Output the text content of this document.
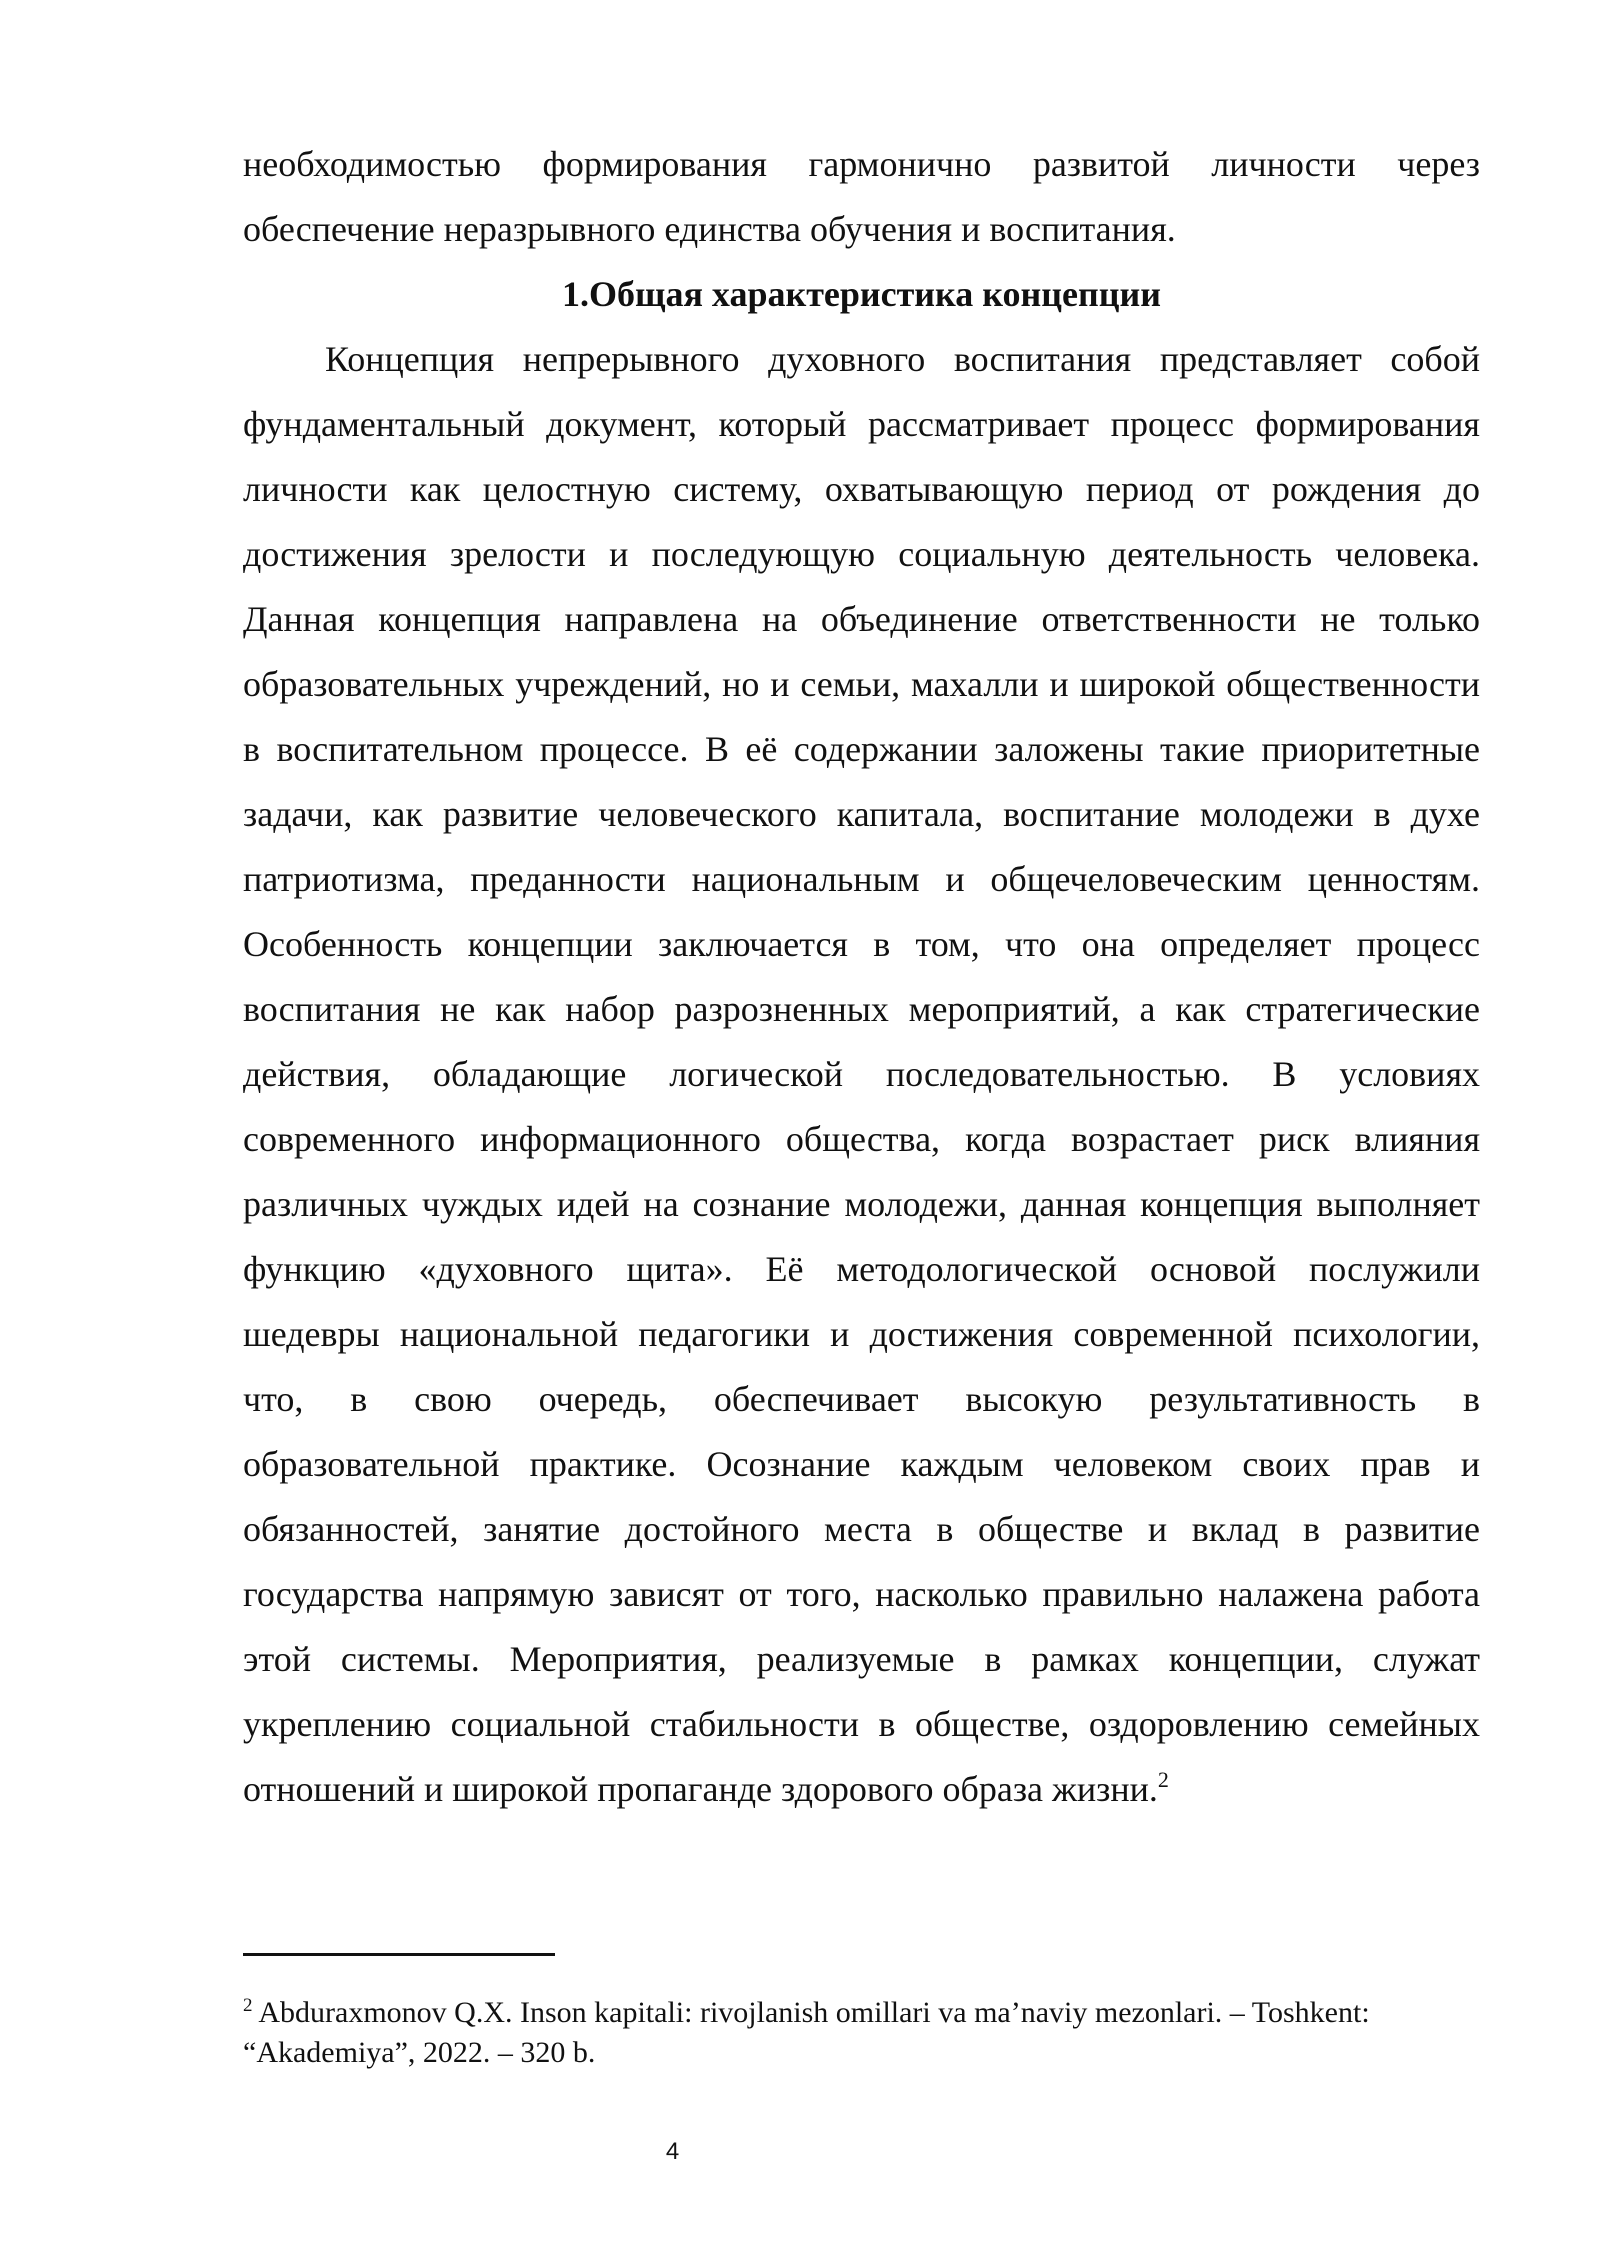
необходимостью формирования гармонично развитой личности через обеспечение неразрывного единства обучения и воспитания.

1.Общая характеристика концепции

Концепция непрерывного духовного воспитания представляет собой фундаментальный документ, который рассматривает процесс формирования личности как целостную систему, охватывающую период от рождения до достижения зрелости и последующую социальную деятельность человека. Данная концепция направлена на объединение ответственности не только образовательных учреждений, но и семьи, махалли и широкой общественности в воспитательном процессе. В её содержании заложены такие приоритетные задачи, как развитие человеческого капитала, воспитание молодежи в духе патриотизма, преданности национальным и общечеловеческим ценностям. Особенность концепции заключается в том, что она определяет процесс воспитания не как набор разрозненных мероприятий, а как стратегические действия, обладающие логической последовательностью. В условиях современного информационного общества, когда возрастает риск влияния различных чуждых идей на сознание молодежи, данная концепция выполняет функцию «духовного щита». Её методологической основой послужили шедевры национальной педагогики и достижения современной психологии, что, в свою очередь, обеспечивает высокую результативность в образовательной практике. Осознание каждым человеком своих прав и обязанностей, занятие достойного места в обществе и вклад в развитие государства напрямую зависят от того, насколько правильно налажена работа этой системы. Мероприятия, реализуемые в рамках концепции, служат укреплению социальной стабильности в обществе, оздоровлению семейных отношений и широкой пропаганде здорового образа жизни.$^2$

$^2$ Abduraxmonov Q.X. Inson kapitali: rivojlanish omillari va ma’naviy mezonlari. – Toshkent: “Akademiya”, 2022. – 320 b.

4
